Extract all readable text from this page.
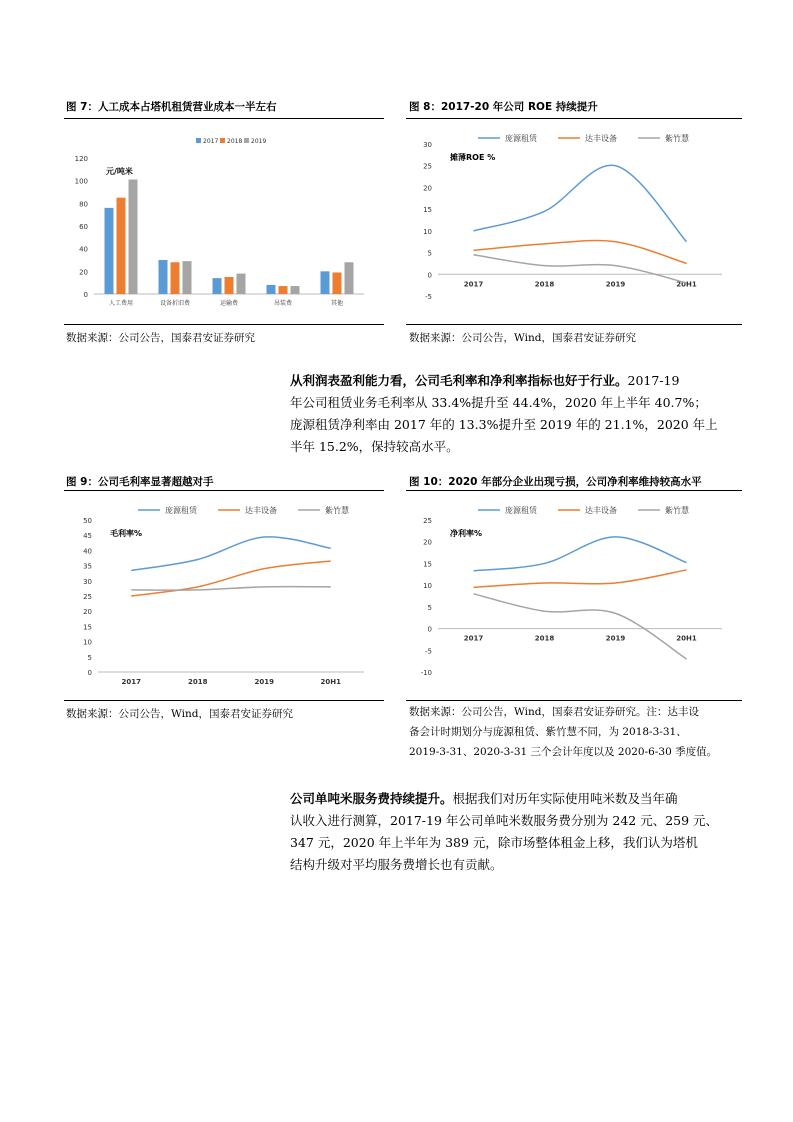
图 7：人工成本占塔机租赁营业成本一半左右	图 8：2017-20 年公司 ROE 持续提升
0
20
40
60
80
100
120
元/吨米
人工费用	设备折旧费	运输费	吊装费	其他
2017 2018 2019
-5
0
5
10
15
20
25
30
摊薄ROE %
2017	2018	2019	20H1
庞源租赁	达丰设备	紫竹慧
数据来源：公司公告，国泰君安证券研究	数据来源：公司公告，Wind，国泰君安证券研究
从利润表盈利能力看，公司毛利率和净利率指标也好于行业。2017-19
年公司租赁业务毛利率从 33.4%提升至 44.4%，2020 年上半年 40.7%；
庞源租赁净利率由 2017 年的 13.3%提升至 2019 年的 21.1%，2020 年上
半年 15.2%，保持较高水平。
图 9：公司毛利率显著超越对手	图 10：2020 年部分企业出现亏损，公司净利率维持较高水平
0
5
10
15
20
25
30
35
40
45
50
毛利率%
2017	2018	2019	20H1
庞源租赁	达丰设备	紫竹慧
-10
-5
0
5
10
15
20
25
净利率%
2017	2018	2019	20H1
庞源租赁	达丰设备	紫竹慧
数据来源：公司公告，Wind，国泰君安证券研究	数据来源：公司公告，Wind，国泰君安证券研究。注：达丰设
备会计时期划分与庞源租赁、紫竹慧不同，为 2018-3-31、
2019-3-31、2020-3-31 三个会计年度以及 2020-6-30 季度值。
公司单吨米服务费持续提升。根据我们对历年实际使用吨米数及当年确
认收入进行测算，2017-19 年公司单吨米数服务费分别为 242 元、259 元、
347 元，2020 年上半年为 389 元，除市场整体租金上移，我们认为塔机
结构升级对平均服务费增长也有贡献。
